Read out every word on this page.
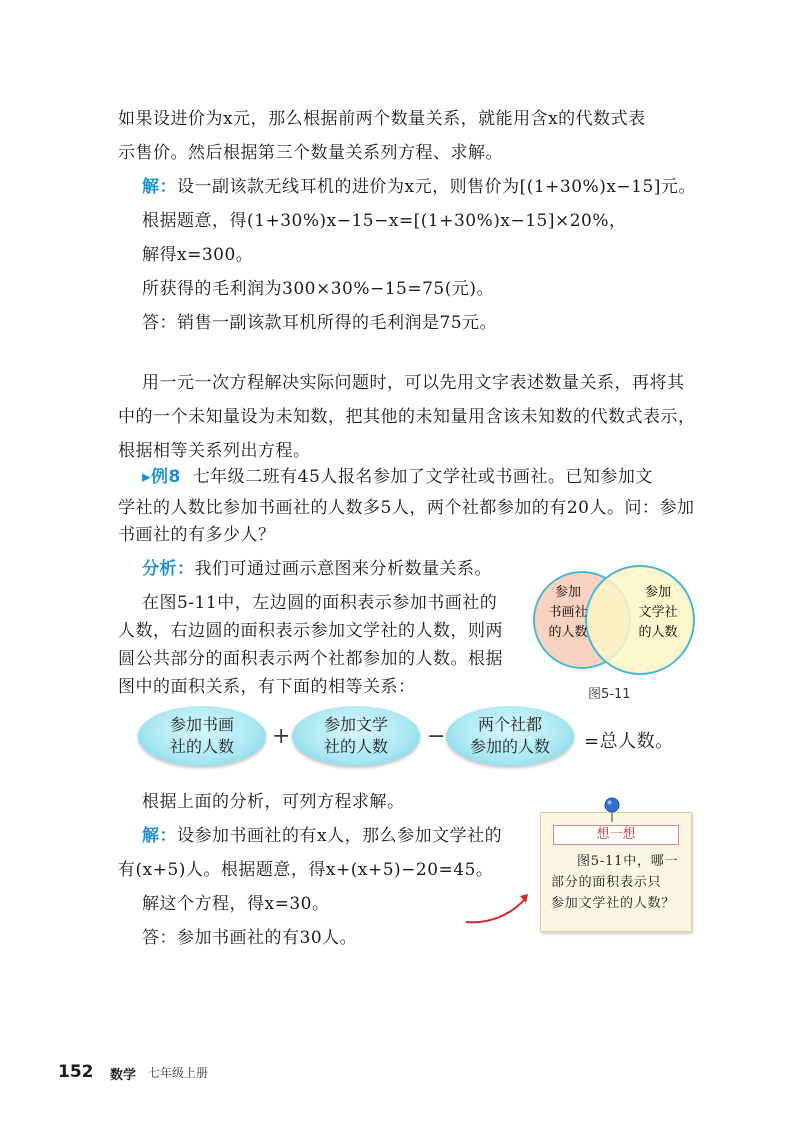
如果设进价为x元，那么根据前两个数量关系，就能用含x的代数式表
示售价。然后根据第三个数量关系列方程、求解。
解：设一副该款无线耳机的进价为x元，则售价为[(1+30%)x−15]元。
根据题意，得(1+30%)x−15−x=[(1+30%)x−15]×20%，
解得x=300。
所获得的毛利润为300×30%−15=75(元)。
答：销售一副该款耳机所得的毛利润是75元。
用一元一次方程解决实际问题时，可以先用文字表述数量关系，再将其
中的一个未知量设为未知数，把其他的未知量用含该未知数的代数式表示，
根据相等关系列出方程。
▸例8 七年级二班有45人报名参加了文学社或书画社。已知参加文
学社的人数比参加书画社的人数多5人，两个社都参加的有20人。问：参加
书画社的有多少人？
分析：我们可通过画示意图来分析数量关系。
在图5-11中，左边圆的面积表示参加书画社的
人数，右边圆的面积表示参加文学社的人数，则两
圆公共部分的面积表示两个社都参加的人数。根据
参加
书画社
的人数
参加
文学社
的人数
图5-11
参加书画
社的人数 + 参加文学
社的人数 − 两个社都
参加的人数 =总人数。
根据上面的分析，可列方程求解。
解：设参加书画社的有x人，那么参加文学社的
有(x+5)人。根据题意，得x+(x+5)−20=45。
解这个方程，得x=30。
答：参加书画社的有30人。
想一想
图5-11中，哪一
部分的面积表示只
参加文学社的人数？
152 数学 七年级上册
图中的面积关系，有下面的相等关系：
